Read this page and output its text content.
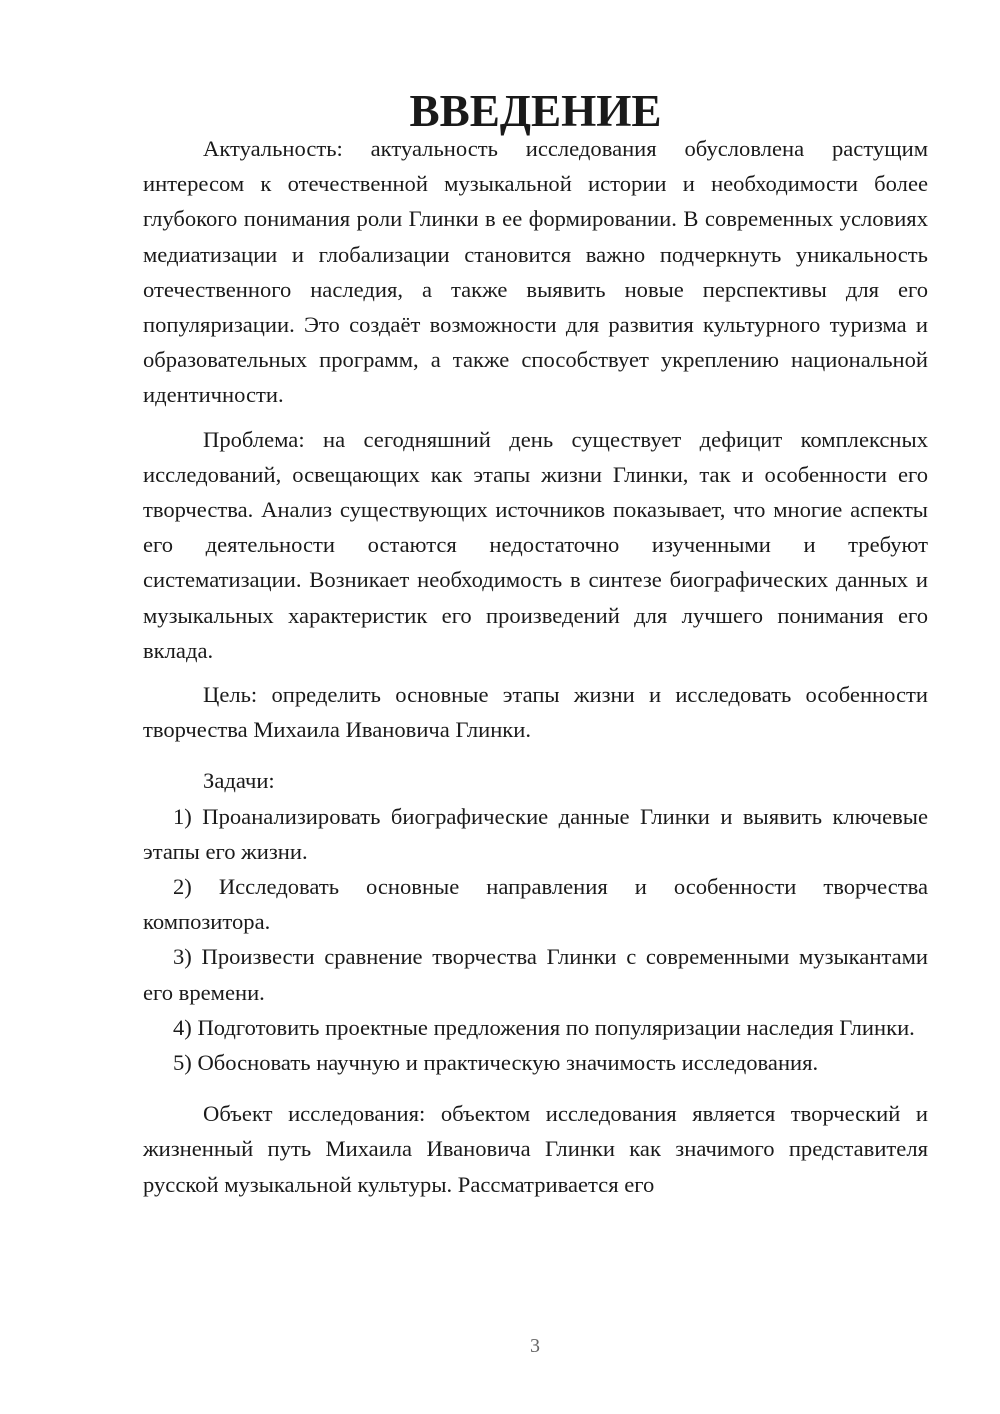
ВВЕДЕНИЕ

Актуальность: актуальность исследования обусловлена растущим интересом к отечественной музыкальной истории и необходимости более глубокого понимания роли Глинки в ее формировании. В современных условиях медиатизации и глобализации становится важно подчеркнуть уникальность отечественного наследия, а также выявить новые перспективы для его популяризации. Это создаёт возможности для развития культурного туризма и образовательных программ, а также способствует укреплению национальной идентичности.

Проблема: на сегодняшний день существует дефицит комплексных исследований, освещающих как этапы жизни Глинки, так и особенности его творчества. Анализ существующих источников показывает, что многие аспекты его деятельности остаются недостаточно изученными и требуют систематизации. Возникает необходимость в синтезе биографических данных и музыкальных характеристик его произведений для лучшего понимания его вклада.

Цель: определить основные этапы жизни и исследовать особенности творчества Михаила Ивановича Глинки.

Задачи:

1) Проанализировать биографические данные Глинки и выявить ключевые этапы его жизни.

2) Исследовать основные направления и особенности творчества композитора.

3) Произвести сравнение творчества Глинки с современными музыкантами его времени.

4) Подготовить проектные предложения по популяризации наследия Глинки.

5) Обосновать научную и практическую значимость исследования.

Объект исследования: объектом исследования является творческий и жизненный путь Михаила Ивановича Глинки как значимого представителя русской музыкальной культуры. Рассматривается его

3
